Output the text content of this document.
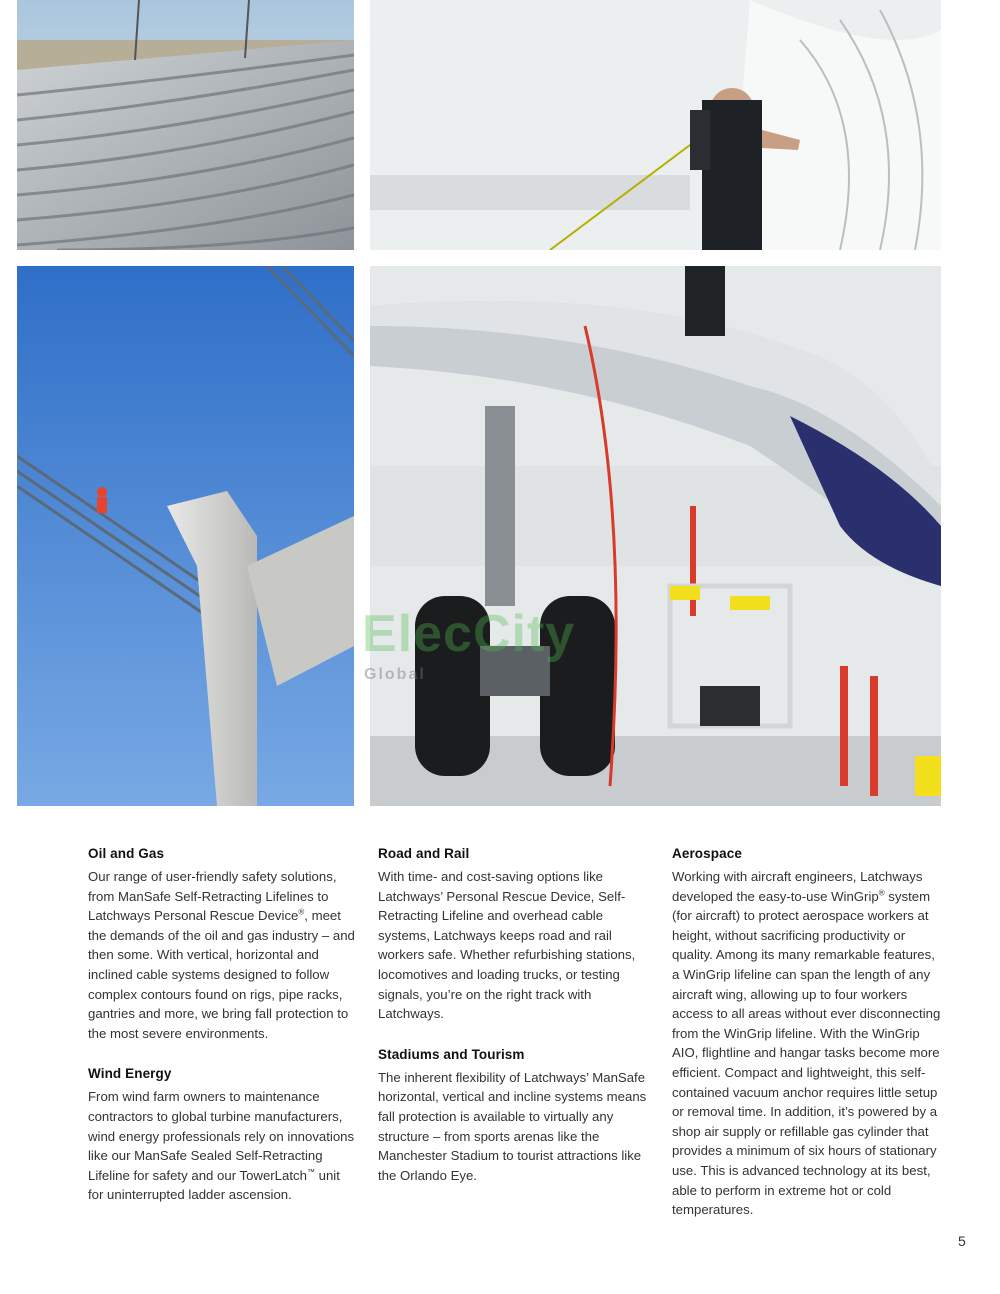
ElecCity
Global
Oil and Gas

Our range of user-friendly safety solutions, from ManSafe Self-Retracting Lifelines to Latchways Personal Rescue Device®, meet the demands of the oil and gas industry – and then some. With vertical, horizontal and inclined cable systems designed to follow complex contours found on rigs, pipe racks, gantries and more, we bring fall protection to the most severe environments.

Wind Energy

From wind farm owners to maintenance contractors to global turbine manufacturers, wind energy professionals rely on innovations like our ManSafe Sealed Self-Retracting Lifeline for safety and our TowerLatch™ unit for uninterrupted ladder ascension.

Road and Rail

With time- and cost-saving options like Latchways’ Personal Rescue Device, Self-Retracting Lifeline and overhead cable systems, Latchways keeps road and rail workers safe. Whether refurbishing stations, locomotives and loading trucks, or testing signals, you’re on the right track with Latchways.

Stadiums and Tourism

The inherent flexibility of Latchways’ ManSafe horizontal, vertical and incline systems means fall protection is available to virtually any structure – from sports arenas like the Manchester Stadium to tourist attractions like the Orlando Eye.

Aerospace

Working with aircraft engineers, Latchways developed the easy-to-use WinGrip® system (for aircraft) to protect aerospace workers at height, without sacrificing productivity or quality. Among its many remarkable features, a WinGrip lifeline can span the length of any aircraft wing, allowing up to four workers access to all areas without ever disconnecting from the WinGrip lifeline. With the WinGrip AIO, flightline and hangar tasks become more efficient. Compact and lightweight, this self-contained vacuum anchor requires little setup or removal time. In addition, it’s powered by a shop air supply or refillable gas cylinder that provides a minimum of six hours of stationary use. This is advanced technology at its best, able to perform in extreme hot or cold temperatures.

5
